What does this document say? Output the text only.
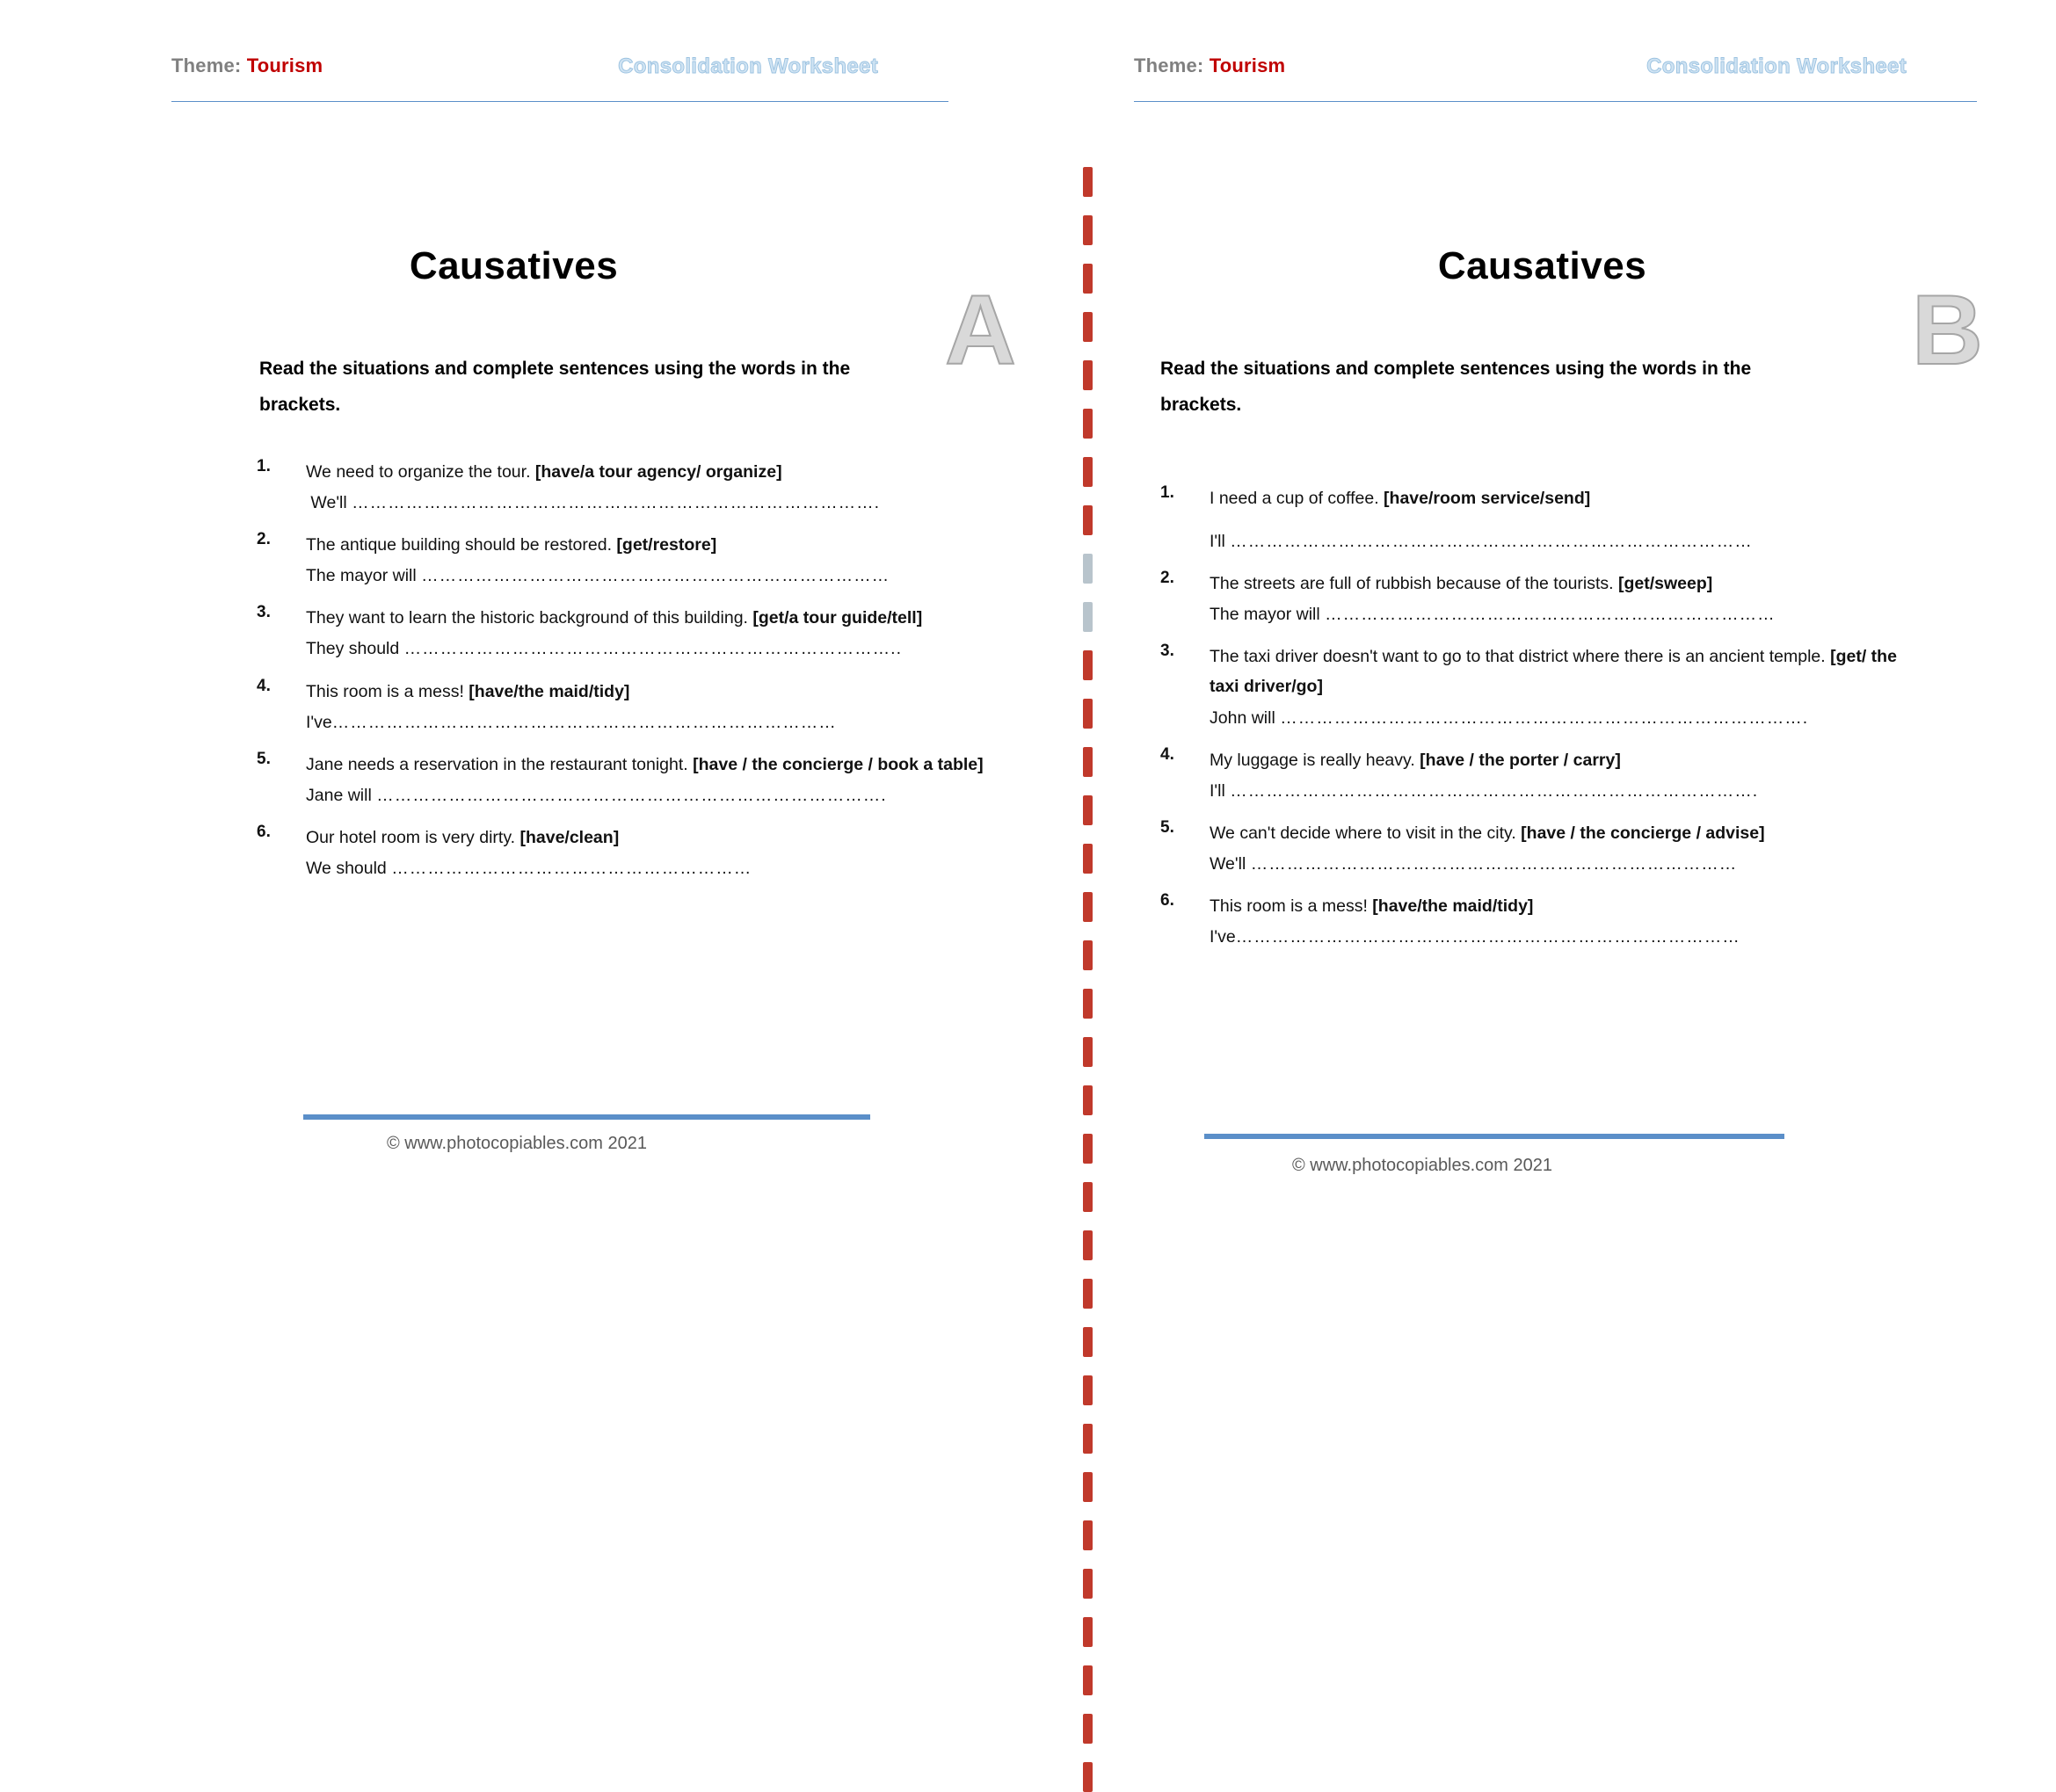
Theme: Tourism	Consolidation Worksheet
Causatives
A
Read the situations and complete sentences using the words in the brackets.
1. We need to organize the tour. [have/a tour agency/ organize]
We'll …………………………………………………………………………….
2. The antique building should be restored. [get/restore]
The mayor will ……………………………………………………………………
3. They want to learn the historic background of this building. [get/a tour guide/tell]
They should ………………………………………………………………………..
4. This room is a mess! [have/the maid/tidy]
I've…………………………………………………………………………
5. Jane needs a reservation in the restaurant tonight. [have / the concierge / book a table]
Jane will ………………………………………………………………………….
6. Our hotel room is very dirty. [have/clean]
We should ……………………………………………………
© www.photocopiables.com 2021
Theme: Tourism	Consolidation Worksheet
Causatives
B
Read the situations and complete sentences using the words in the brackets.
1. I need a cup of coffee. [have/room service/send]
I'll ……………………………………………………………………………
2. The streets are full of rubbish because of the tourists. [get/sweep]
The mayor will …………………………………………………………………
3. The taxi driver doesn't want to go to that district where there is an ancient temple. [get/ the taxi driver/go]
John will …………………………………………………………………………….
4. My luggage is really heavy. [have / the porter / carry]
I'll …………………………………………………………………………….
5. We can't decide where to visit in the city. [have / the concierge / advise]
We'll ………………………………………………………………………
6. This room is a mess! [have/the maid/tidy]
I've…………………………………………………………………………
© www.photocopiables.com 2021
